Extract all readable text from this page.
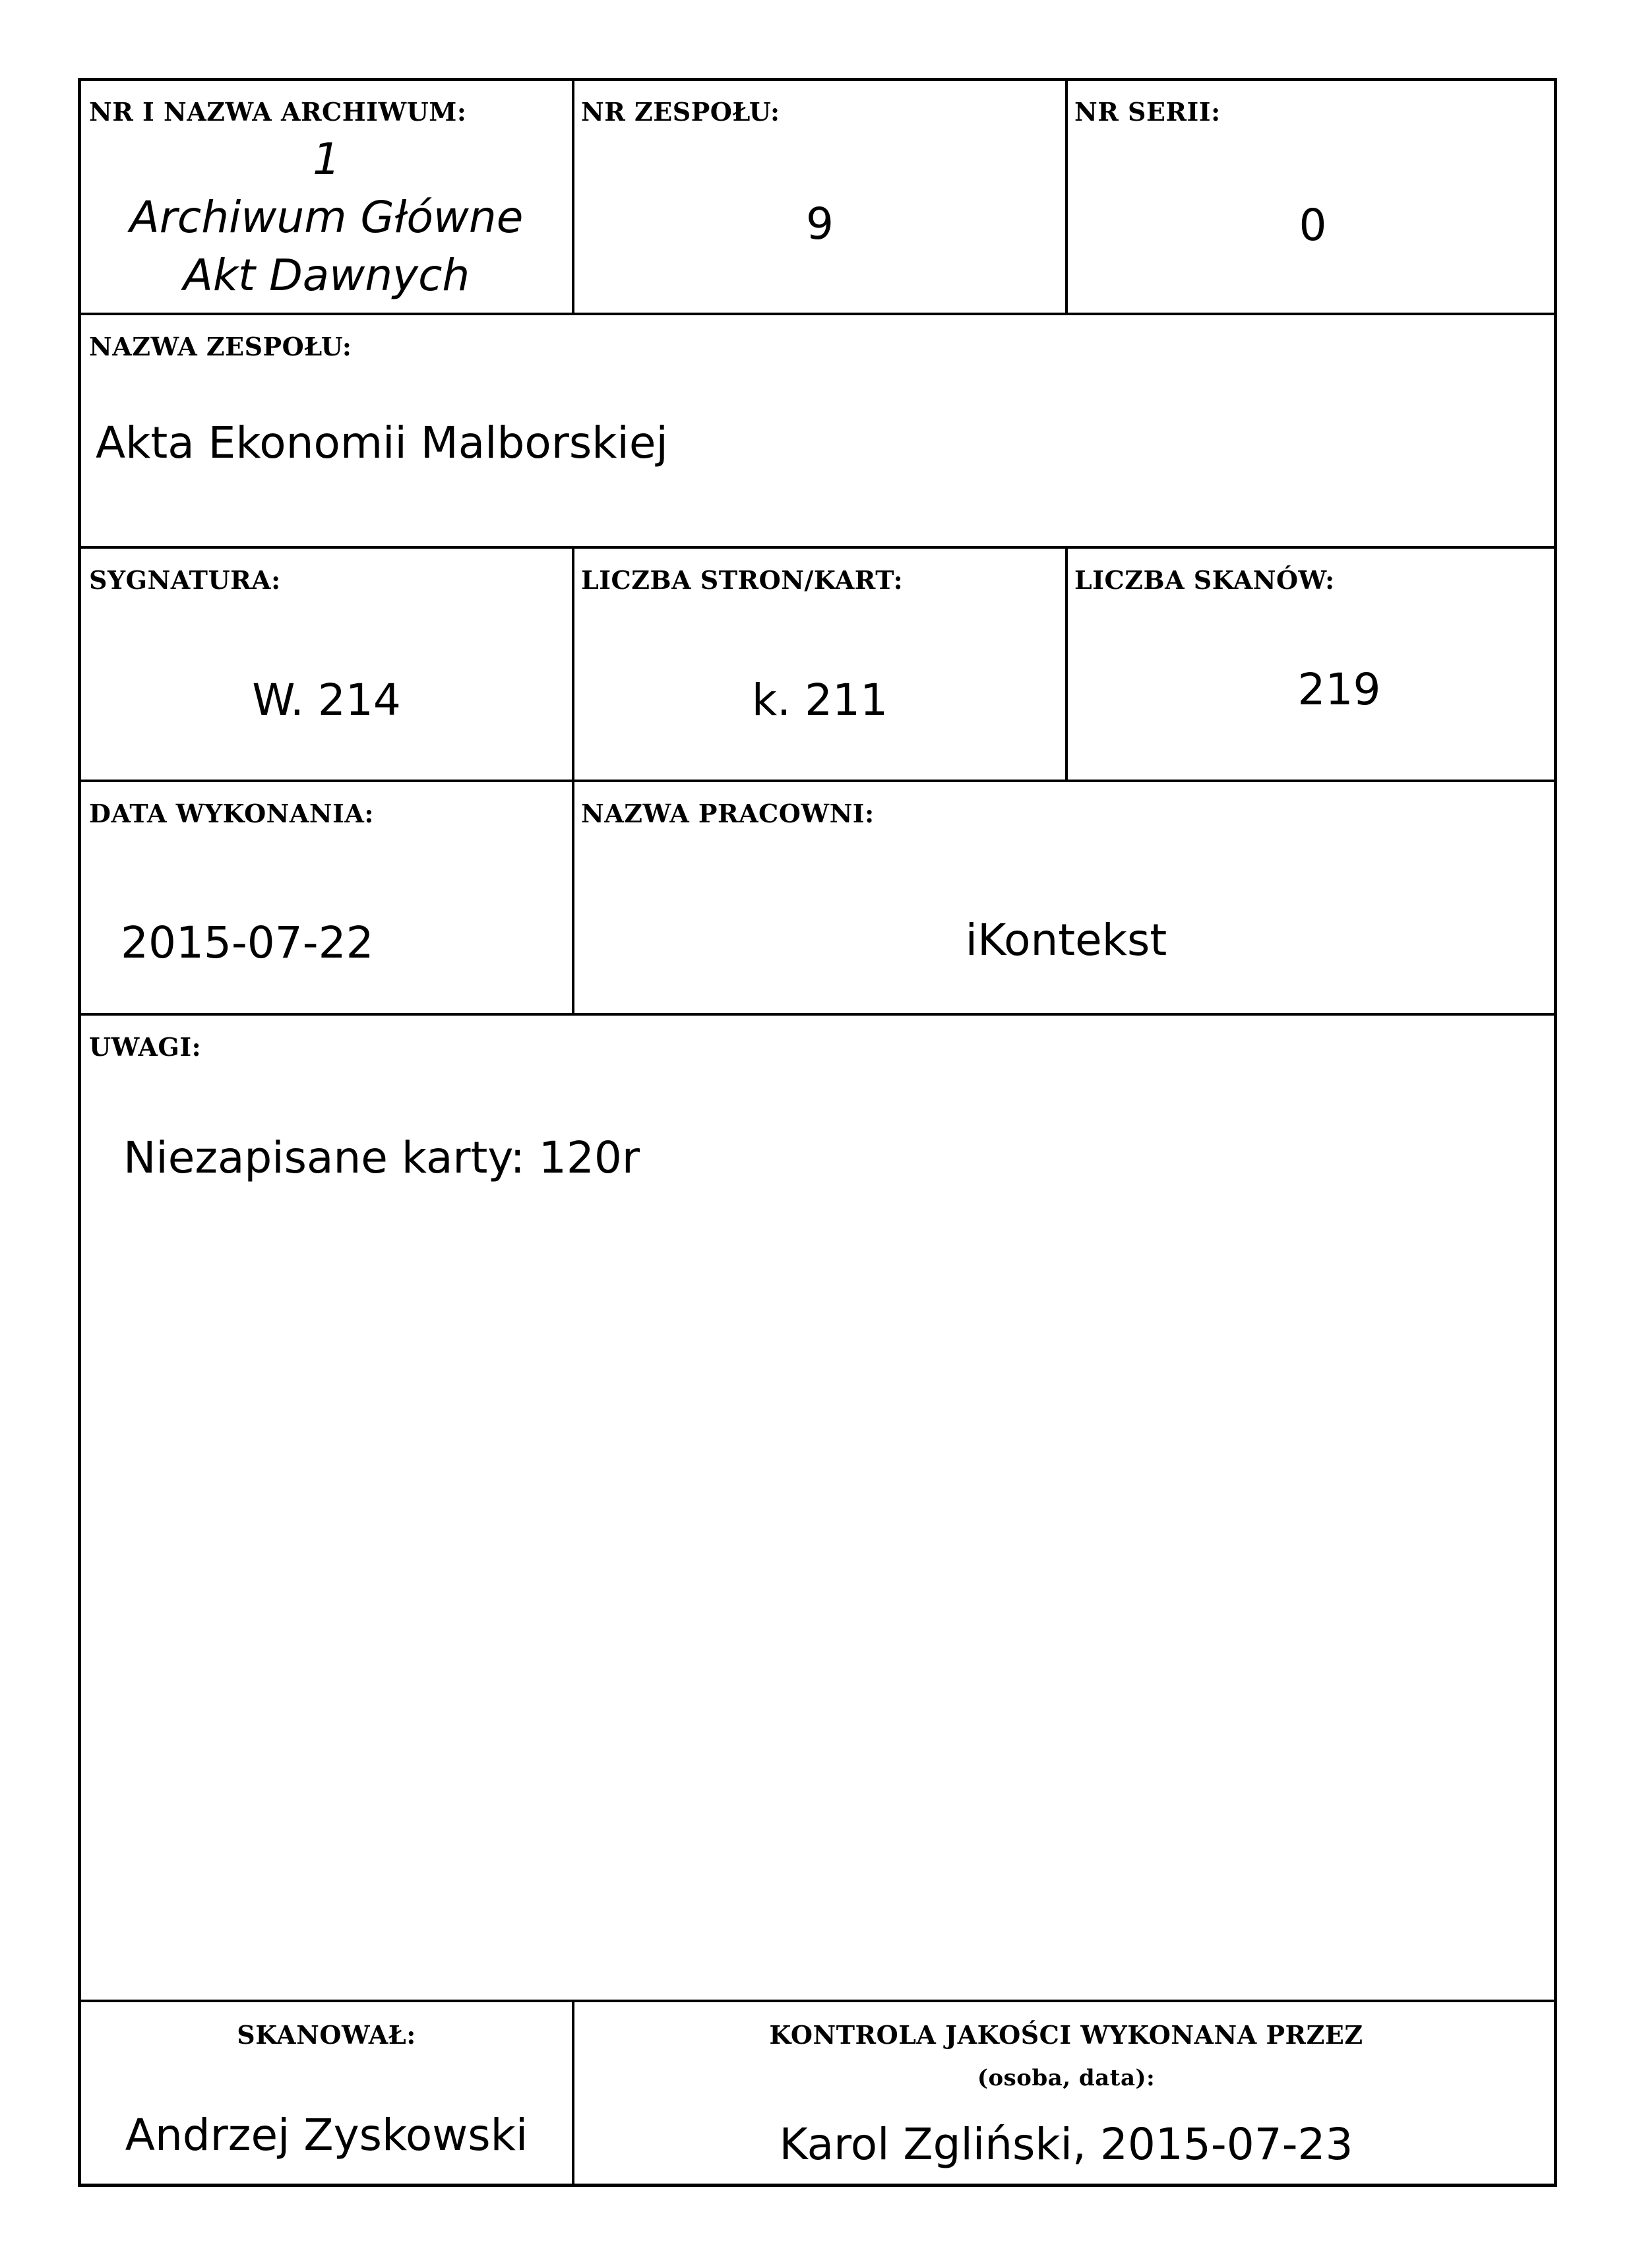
NR I NAZWA ARCHIWUM:
1
Archiwum Główne
Akt Dawnych
NR ZESPOŁU:
9
NR SERII:
0
NAZWA ZESPOŁU:
Akta Ekonomii Malborskiej
SYGNATURA:
W. 214
LICZBA STRON/KART:
k. 211
LICZBA SKANÓW:
219
DATA WYKONANIA:
2015-07-22
NAZWA PRACOWNI:
iKontekst
UWAGI:
Niezapisane karty: 120r
SKANOWAŁ:
Andrzej Zyskowski
KONTROLA JAKOŚCI WYKONANA PRZEZ
(osoba, data):
Karol Zgliński, 2015-07-23
